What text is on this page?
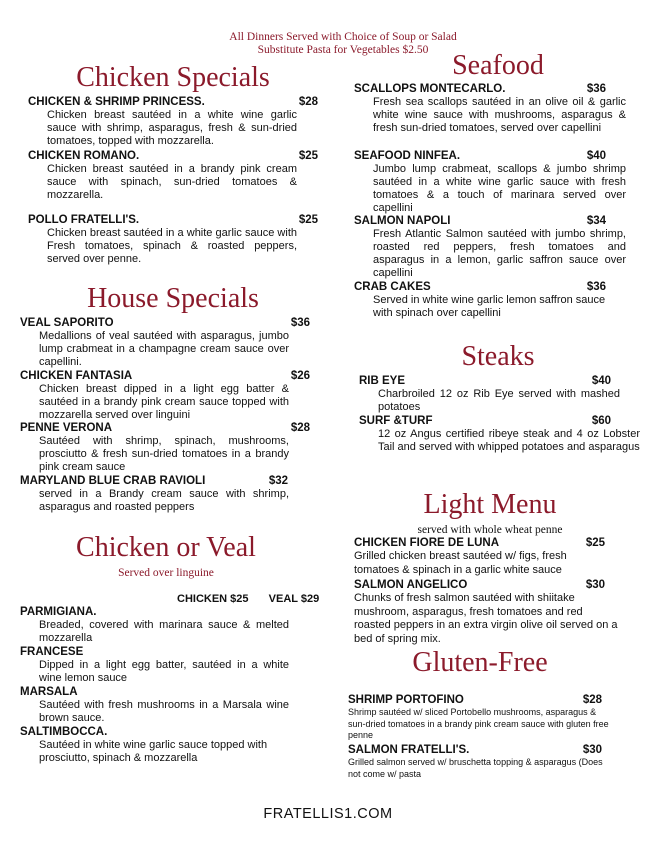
All Dinners Served with Choice of Soup or Salad
Substitute Pasta for Vegetables $2.50
Chicken Specials
CHICKEN & SHRIMP PRINCESS.	$28
Chicken breast sautéed in a white wine garlic sauce with shrimp, asparagus, fresh & sun-dried tomatoes, topped with mozzarella.
CHICKEN ROMANO.	$25
Chicken breast sautéed in a brandy pink cream sauce with spinach, sun-dried tomatoes & mozzarella.
POLLO FRATELLI'S.	$25
Chicken breast sautéed in a white garlic sauce with Fresh tomatoes, spinach & roasted peppers, served over penne.
House Specials
VEAL SAPORITO	$36
Medallions of veal sautéed with asparagus, jumbo lump crabmeat in a champagne cream sauce over capellini.
CHICKEN FANTASIA	$26
Chicken breast dipped in a light egg batter & sautéed in a brandy pink cream sauce topped with mozzarella served over linguini
PENNE VERONA	$28
Sautéed with shrimp, spinach, mushrooms, prosciutto & fresh sun-dried tomatoes in a brandy pink cream sauce
MARYLAND BLUE CRAB RAVIOLI	$32
served in a Brandy cream sauce with shrimp, asparagus and roasted peppers
Chicken or Veal
Served over linguine
CHICKEN $25 VEAL $29
PARMIGIANA.
Breaded, covered with marinara sauce & melted mozzarella
FRANCESE
Dipped in a light egg batter, sautéed in a white wine lemon sauce
MARSALA
Sautéed with fresh mushrooms in a Marsala wine brown sauce.
SALTIMBOCCA.
Sautéed in white wine garlic sauce topped with prosciutto, spinach & mozzarella
Seafood
SCALLOPS MONTECARLO.	$36
Fresh sea scallops sautéed in an olive oil & garlic white wine sauce with mushrooms, asparagus & fresh sun-dried tomatoes, served over capellini
SEAFOOD NINFEA.	$40
Jumbo lump crabmeat, scallops & jumbo shrimp sautéed in a white wine garlic sauce with fresh tomatoes & a touch of marinara served over capellini
SALMON NAPOLI	$34
Fresh Atlantic Salmon sautéed with jumbo shrimp, roasted red peppers, fresh tomatoes and asparagus in a lemon, garlic saffron sauce over capellini
CRAB CAKES	$36
Served in white wine garlic lemon saffron sauce with spinach over capellini
Steaks
RIB EYE	$40
Charbroiled 12 oz Rib Eye served with mashed potatoes
SURF &TURF	$60
12 oz Angus certified ribeye steak and 4 oz Lobster Tail and served with whipped potatoes and asparagus
Light Menu
served with whole wheat penne
CHICKEN FIORE DE LUNA	$25
Grilled chicken breast sautéed w/ figs, fresh tomatoes & spinach in a garlic white sauce
SALMON ANGELICO	$30
Chunks of fresh salmon sautéed with shiitake mushroom, asparagus, fresh tomatoes and red roasted peppers in an extra virgin olive oil served on a bed of spring mix.
Gluten-Free
SHRIMP PORTOFINO	$28
Shrimp sautéed w/ sliced Portobello mushrooms, asparagus & sun-dried tomatoes in a brandy pink cream sauce with gluten free penne
SALMON FRATELLI'S.	$30
Grilled salmon served w/ bruschetta topping & asparagus (Does not come w/ pasta
FRATELLIS1.COM
